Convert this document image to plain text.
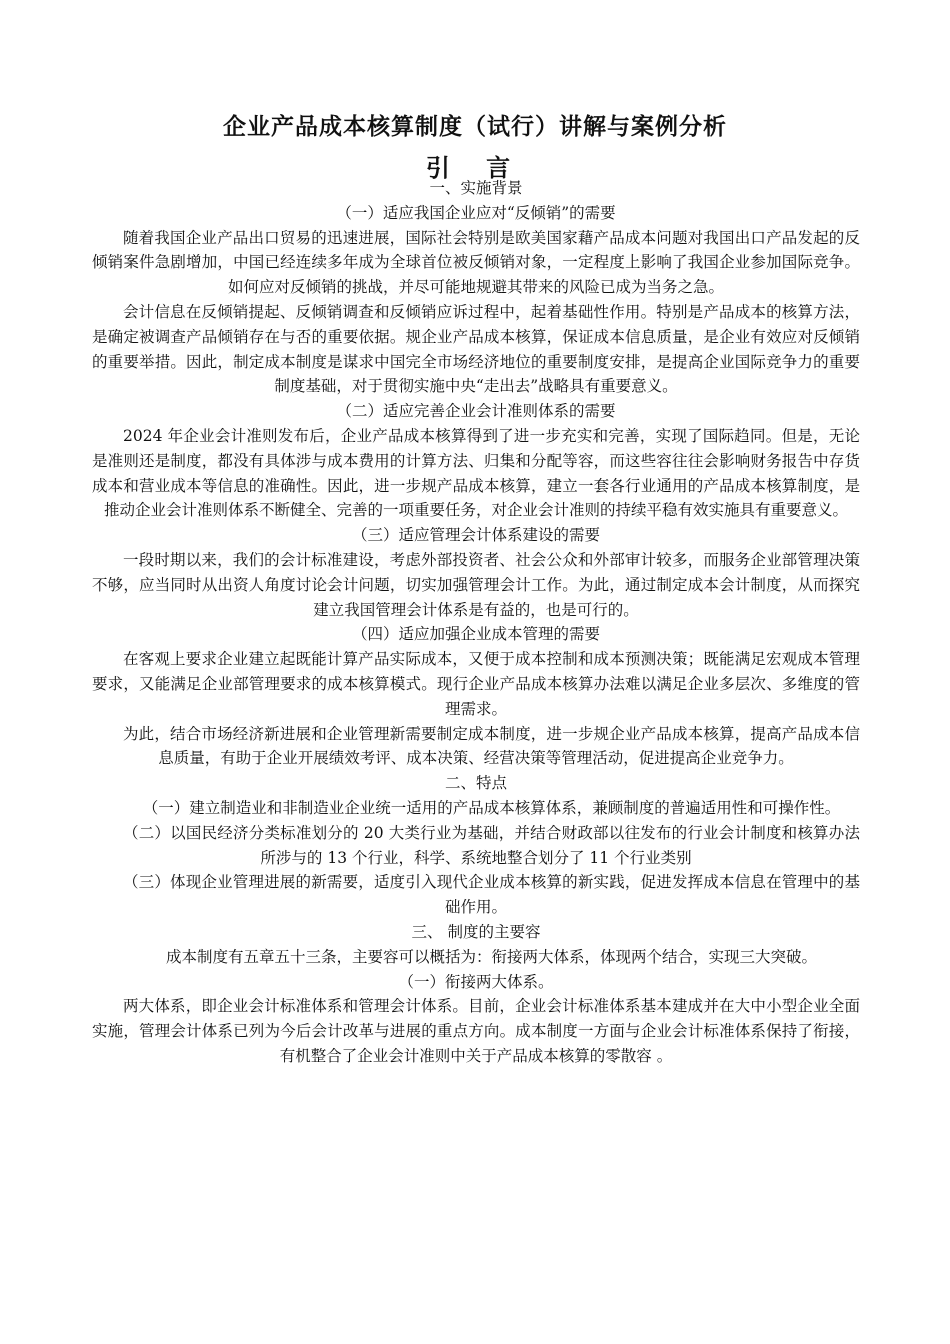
企业产品成本核算制度（试行）讲解与案例分析
引 言

一、实施背景

（一）适应我国企业应对“反倾销”的需要

随着我国企业产品出口贸易的迅速进展，国际社会特别是欧美国家藉产品成本问题对我国出口产品发起的反倾销案件急剧增加，中国已经连续多年成为全球首位被反倾销对象，一定程度上影响了我国企业参加国际竞争。如何应对反倾销的挑战，并尽可能地规避其带来的风险已成为当务之急。

会计信息在反倾销提起、反倾销调查和反倾销应诉过程中，起着基础性作用。特别是产品成本的核算方法，是确定被调查产品倾销存在与否的重要依据。规企业产品成本核算，保证成本信息质量，是企业有效应对反倾销的重要举措。因此，制定成本制度是谋求中国完全市场经济地位的重要制度安排，是提高企业国际竞争力的重要制度基础，对于贯彻实施中央“走出去”战略具有重要意义。

（二）适应完善企业会计准则体系的需要

2024 年企业会计准则发布后，企业产品成本核算得到了进一步充实和完善，实现了国际趋同。但是，无论是准则还是制度，都没有具体涉与成本费用的计算方法、归集和分配等容，而这些容往往会影响财务报告中存货成本和营业成本等信息的准确性。因此，进一步规产品成本核算，建立一套各行业通用的产品成本核算制度，是推动企业会计准则体系不断健全、完善的一项重要任务，对企业会计准则的持续平稳有效实施具有重要意义。

（三）适应管理会计体系建设的需要

一段时期以来，我们的会计标准建设，考虑外部投资者、社会公众和外部审计较多，而服务企业部管理决策不够，应当同时从出资人角度讨论会计问题，切实加强管理会计工作。为此，通过制定成本会计制度，从而探究建立我国管理会计体系是有益的，也是可行的。

（四）适应加强企业成本管理的需要

在客观上要求企业建立起既能计算产品实际成本，又便于成本控制和成本预测决策；既能满足宏观成本管理要求，又能满足企业部管理要求的成本核算模式。现行企业产品成本核算办法难以满足企业多层次、多维度的管理需求。

为此，结合市场经济新进展和企业管理新需要制定成本制度，进一步规企业产品成本核算，提高产品成本信息质量，有助于企业开展绩效考评、成本决策、经营决策等管理活动，促进提高企业竞争力。

二、特点

（一）建立制造业和非制造业企业统一适用的产品成本核算体系，兼顾制度的普遍适用性和可操作性。

（二）以国民经济分类标准划分的 20 大类行业为基础，并结合财政部以往发布的行业会计制度和核算办法所涉与的 13 个行业，科学、系统地整合划分了 11 个行业类别

（三）体现企业管理进展的新需要，适度引入现代企业成本核算的新实践，促进发挥成本信息在管理中的基础作用。

三、 制度的主要容

成本制度有五章五十三条，主要容可以概括为：衔接两大体系，体现两个结合，实现三大突破。

（一）衔接两大体系。

两大体系，即企业会计标准体系和管理会计体系。目前，企业会计标准体系基本建成并在大中小型企业全面实施，管理会计体系已列为今后会计改革与进展的重点方向。成本制度一方面与企业会计标准体系保持了衔接，有机整合了企业会计准则中关于产品成本核算的零散容 。
